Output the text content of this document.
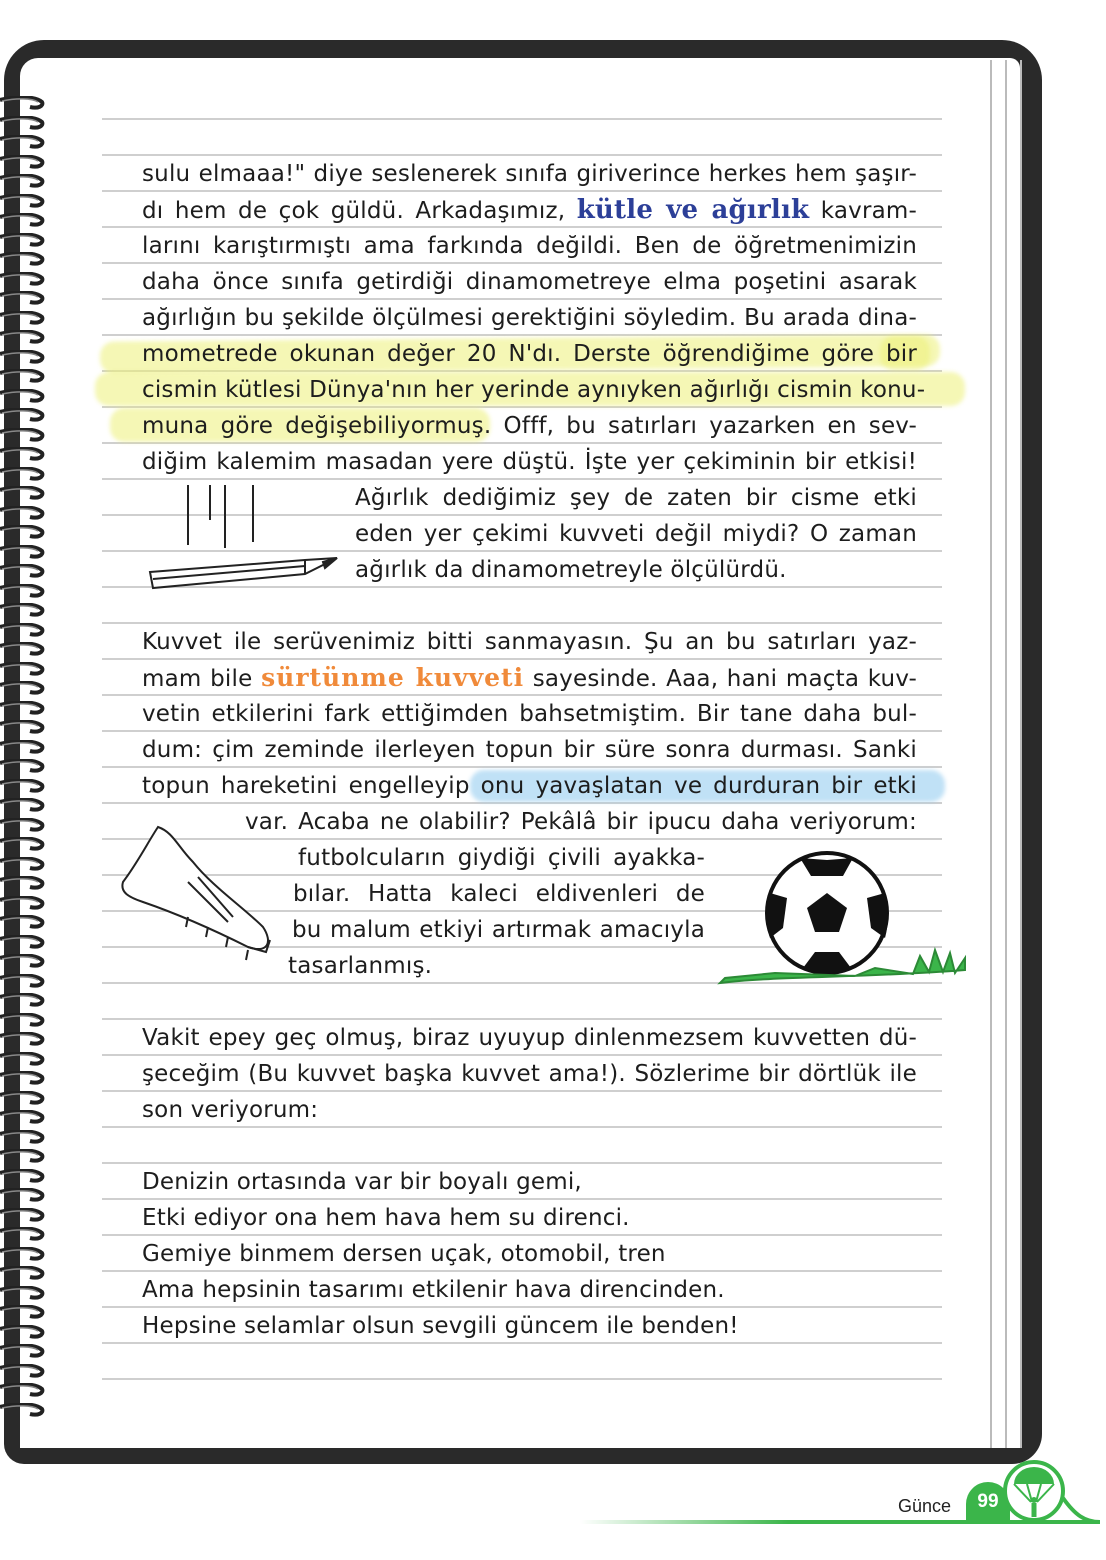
sulu elmaaa!" diye seslenerek sınıfa giriverince herkes hem şaşır-
dı hem de çok güldü. Arkadaşımız, kütle ve ağırlık kavram-
larını karıştırmıştı ama farkında değildi. Ben de öğretmenimizin
daha önce sınıfa getirdiği dinamometreye elma poşetini asarak
ağırlığın bu şekilde ölçülmesi gerektiğini söyledim. Bu arada dina-
mometrede okunan değer 20 N'dı. Derste öğrendiğime göre bir
cismin kütlesi Dünya'nın her yerinde aynıyken ağırlığı cismin konu-
muna göre değişebiliyormuş. Offf, bu satırları yazarken en sev-
diğim kalemim masadan yere düştü. İşte yer çekiminin bir etkisi!
Ağırlık dediğimiz şey de zaten bir cisme etki
eden yer çekimi kuvveti değil miydi? O zaman
ağırlık da dinamometreyle ölçülürdü.
Kuvvet ile serüvenimiz bitti sanmayasın. Şu an bu satırları yaz-
mam bile sürtünme kuvveti sayesinde. Aaa, hani maçta kuv-
vetin etkilerini fark ettiğimden bahsetmiştim. Bir tane daha bul-
dum: çim zeminde ilerleyen topun bir süre sonra durması. Sanki
topun hareketini engelleyip onu yavaşlatan ve durduran bir etki
var. Acaba ne olabilir? Pekâlâ bir ipucu daha veriyorum:
futbolcuların giydiği çivili ayakka-
bılar. Hatta kaleci eldivenleri de
bu malum etkiyi artırmak amacıyla
tasarlanmış.
Vakit epey geç olmuş, biraz uyuyup dinlenmezsem kuvvetten dü-
şeceğim (Bu kuvvet başka kuvvet ama!). Sözlerime bir dörtlük ile
son veriyorum:
Denizin ortasında var bir boyalı gemi,
Etki ediyor ona hem hava hem su direnci.
Gemiye binmem dersen uçak, otomobil, tren
Ama hepsinin tasarımı etkilenir hava direncinden.
Hepsine selamlar olsun sevgili güncem ile benden!
Günce	99
